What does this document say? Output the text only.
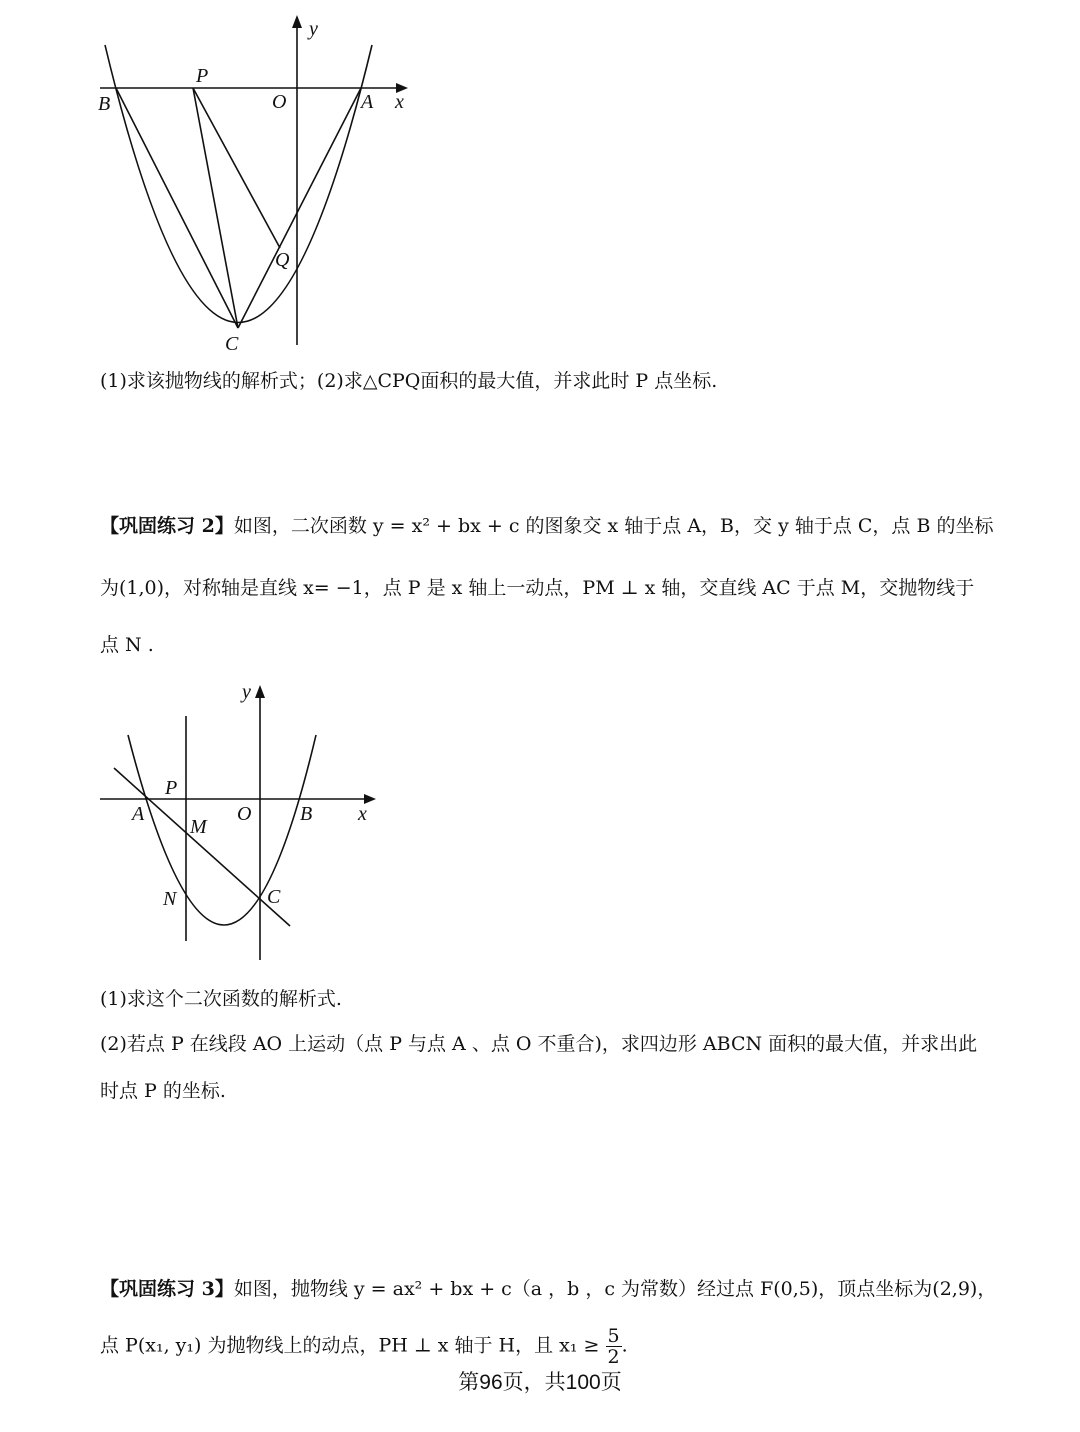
y
x
P
B	O	A
Q
C
(1)求该抛物线的解析式；(2)求△CPQ面积的最大值，并求此时 P 点坐标.
【巩固练习 2】如图，二次函数 y = x² + bx + c 的图象交 x 轴于点 A，B，交 y 轴于点 C，点 B 的坐标
为(1,0)，对称轴是直线 x= −1，点 P 是 x 轴上一动点，PM ⊥ x 轴，交直线 AC 于点 M，交抛物线于
点 N .
y
x
P
A
M
O B
N	C
(1)求这个二次函数的解析式.
(2)若点 P 在线段 AO 上运动（点 P 与点 A 、点 O 不重合)，求四边形 ABCN 面积的最大值，并求出此
时点 P 的坐标.
【巩固练习 3】如图，抛物线 y = ax² + bx + c（a ，b ，c 为常数）经过点 F(0,5)，顶点坐标为(2,9)，
点 P(x₁, y₁) 为抛物线上的动点，PH ⊥ x 轴于 H，且 $x_1 \ge \frac{5}{2}$ .
第96页，共100页
